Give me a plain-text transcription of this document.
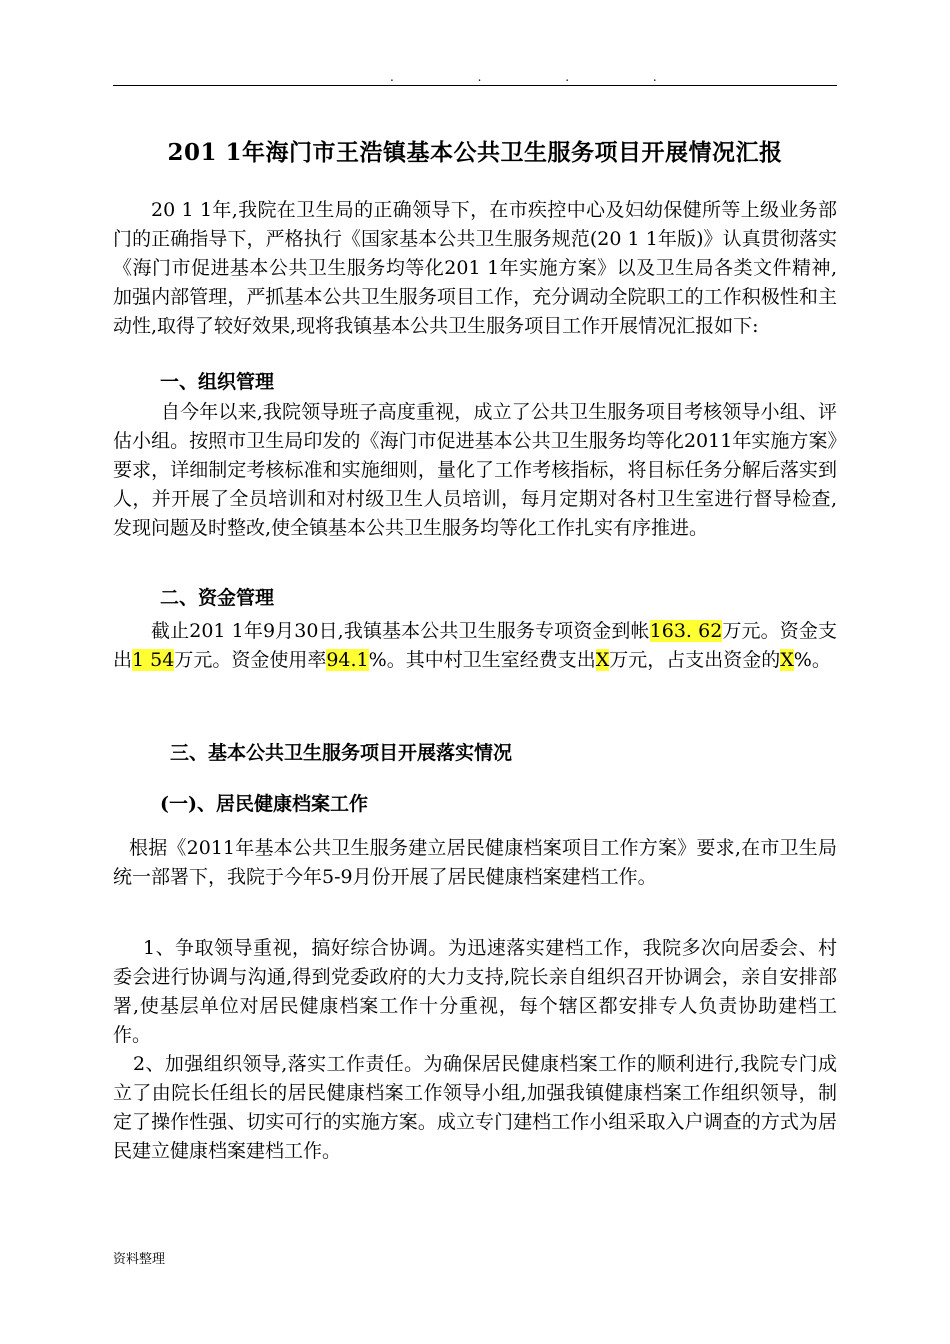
. . . .
201 1年海门市王浩镇基本公共卫生服务项目开展情况汇报
20 1 1年,我院在卫生局的正确领导下，在市疾控中心及妇幼保健所等上级业务部门的正确指导下，严格执行《国家基本公共卫生服务规范(20 1 1年版)》认真贯彻落实《海门市促进基本公共卫生服务均等化201 1年实施方案》以及卫生局各类文件精神,加强内部管理，严抓基本公共卫生服务项目工作，充分调动全院职工的工作积极性和主动性,取得了较好效果,现将我镇基本公共卫生服务项目工作开展情况汇报如下:
一、组织管理
自今年以来,我院领导班子高度重视，成立了公共卫生服务项目考核领导小组、评估小组。按照市卫生局印发的《海门市促进基本公共卫生服务均等化2011年实施方案》要求，详细制定考核标准和实施细则，量化了工作考核指标，将目标任务分解后落实到人，并开展了全员培训和对村级卫生人员培训，每月定期对各村卫生室进行督导检查,发现问题及时整改,使全镇基本公共卫生服务均等化工作扎实有序推进。
二、资金管理
截止201 1年9月30日,我镇基本公共卫生服务专项资金到帐163. 62万元。资金支出1 54万元。资金使用率94.1%。其中村卫生室经费支出X万元，占支出资金的X%。
三、基本公共卫生服务项目开展落实情况
(一)、居民健康档案工作
根据《2011年基本公共卫生服务建立居民健康档案项目工作方案》要求,在市卫生局统一部署下，我院于今年5-9月份开展了居民健康档案建档工作。
1、争取领导重视，搞好综合协调。为迅速落实建档工作，我院多次向居委会、村委会进行协调与沟通,得到党委政府的大力支持,院长亲自组织召开协调会，亲自安排部署,使基层单位对居民健康档案工作十分重视，每个辖区都安排专人负责协助建档工作。
2、加强组织领导,落实工作责任。为确保居民健康档案工作的顺利进行,我院专门成立了由院长任组长的居民健康档案工作领导小组,加强我镇健康档案工作组织领导，制定了操作性强、切实可行的实施方案。成立专门建档工作小组采取入户调查的方式为居民建立健康档案建档工作。
资料整理
